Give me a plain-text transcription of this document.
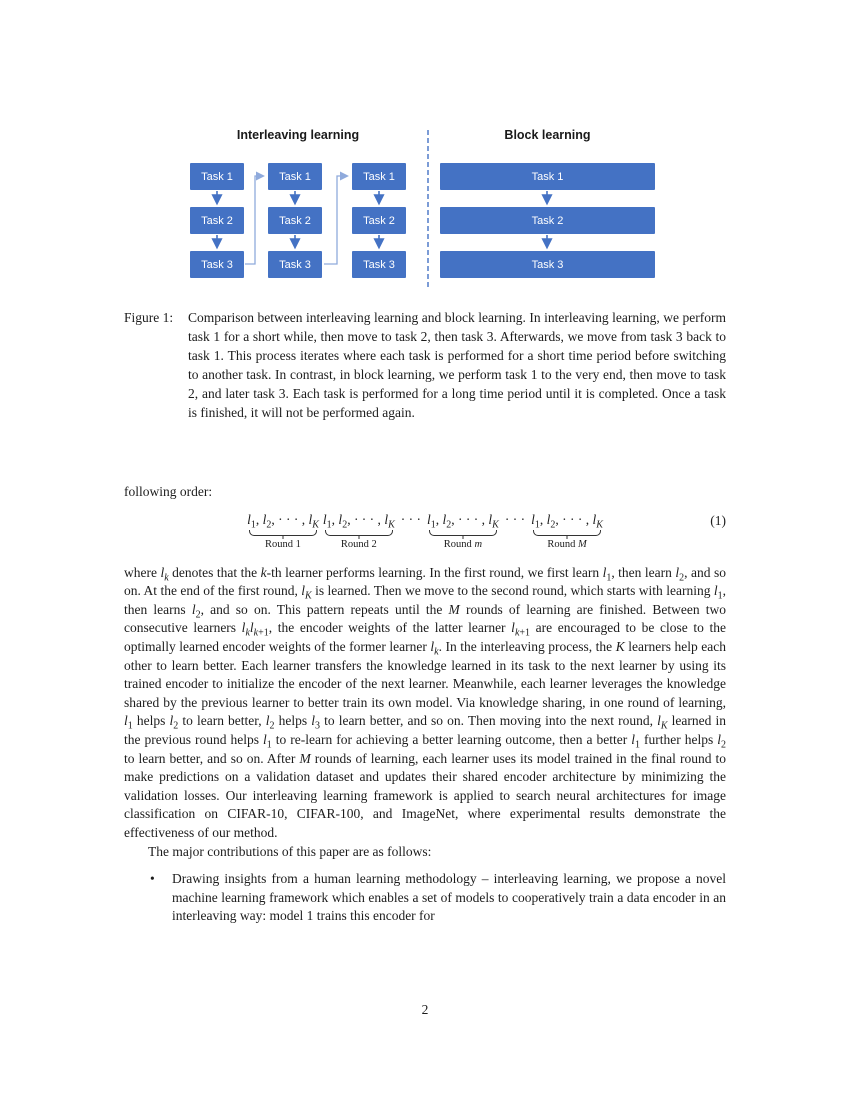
Interleaving learning	Block learning
Task 1
Task 2
Task 3
Task 1
Task 2
Task 3
Task 1
Task 2
Task 3
Task 1
Task 2
Task 3
Figure 1:	Comparison between interleaving learning and block learning. In interleaving learning, we perform task 1 for a short while, then move to task 2, then task 3. Afterwards, we move from task 3 back to task 1. This process iterates where each task is performed for a short time period before switching to another task. In contrast, in block learning, we perform task 1 to the very end, then move to task 2, and later task 3. Each task is performed for a long time period until it is completed. Once a task is finished, it will not be performed again.

following order:

$l_1$, $l_2$, · · · , $l_K$
Round 1
$l_1$, $l_2$, · · · , $l_K$
Round 2
· · · $l_1$, $l_2$, · · · , $l_K$
Round m
· · · $l_1$, $l_2$, · · · , $l_K$
Round M
(1)

where $l_k$ denotes that the k-th learner performs learning. In the first round, we first learn $l_1$, then learn $l_2$, and so on. At the end of the first round, $l_K$ is learned. Then we move to the second round, which starts with learning $l_1$, then learns $l_2$, and so on. This pattern repeats until the M rounds of learning are finished. Between two consecutive learners $l_kl_{k+1}$, the encoder weights of the latter learner $l_{k+1}$ are encouraged to be close to the optimally learned encoder weights of the former learner $l_k$. In the interleaving process, the K learners help each other to learn better. Each learner transfers the knowledge learned in its task to the next learner by using its trained encoder to initialize the encoder of the next learner. Meanwhile, each learner leverages the knowledge shared by the previous learner to better train its own model. Via knowledge sharing, in one round of learning, $l_1$ helps $l_2$ to learn better, $l_2$ helps $l_3$ to learn better, and so on. Then moving into the next round, $l_K$ learned in the previous round helps $l_1$ to re-learn for achieving a better learning outcome, then a better $l_1$ further helps $l_2$ to learn better, and so on. After M rounds of learning, each learner uses its model trained in the final round to make predictions on a validation dataset and updates their shared encoder architecture by minimizing the validation losses. Our interleaving learning framework is applied to search neural architectures for image classification on CIFAR-10, CIFAR-100, and ImageNet, where experimental results demonstrate the effectiveness of our method.

The major contributions of this paper are as follows:

•	Drawing insights from a human learning methodology – interleaving learning, we propose a novel machine learning framework which enables a set of models to cooperatively train a data encoder in an interleaving way: model 1 trains this encoder for
2
